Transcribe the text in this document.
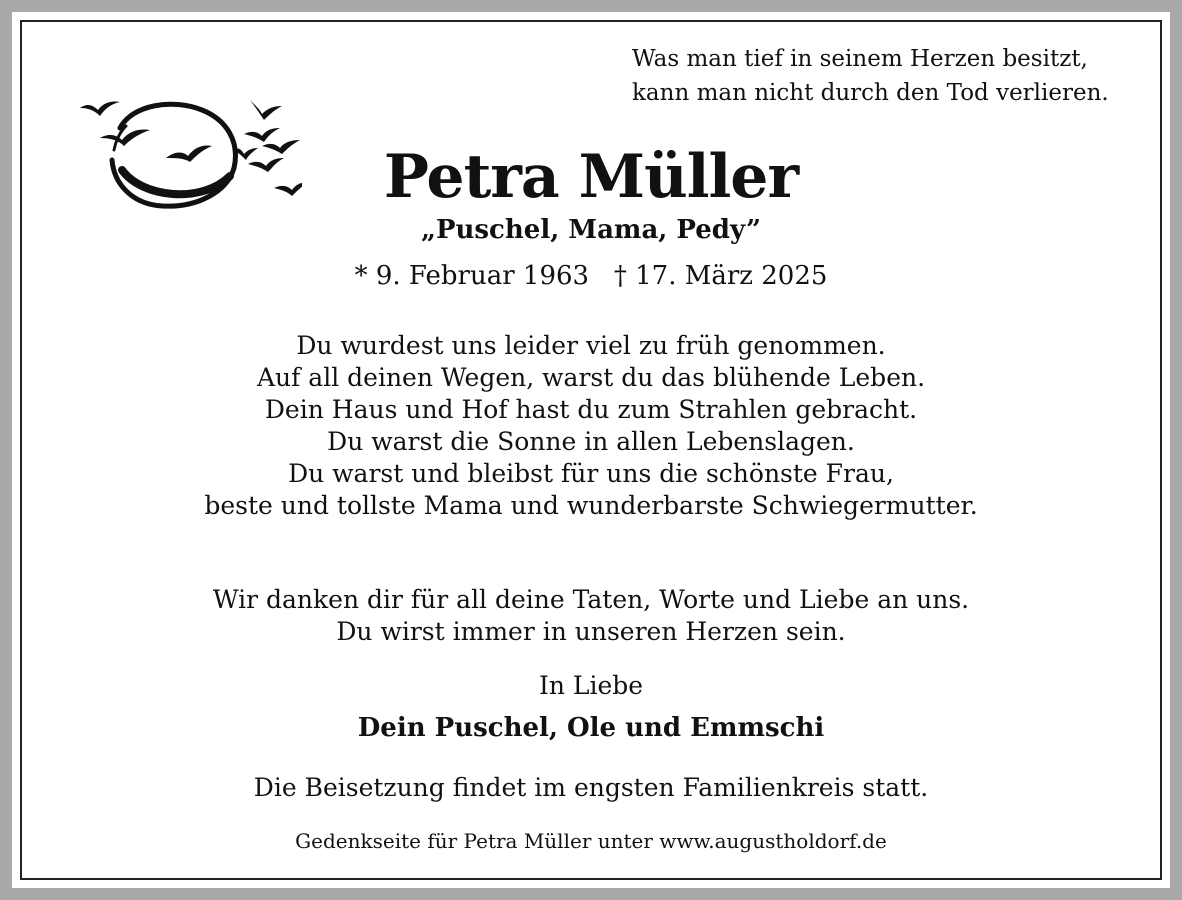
Was man tief in seinem Herzen besitzt,
kann man nicht durch den Tod verlieren.
Petra Müller
„Puschel, Mama, Pedy”
* 9. Februar 1963   † 17. März 2025
Du wurdest uns leider viel zu früh genommen.
Auf all deinen Wegen, warst du das blühende Leben.
Dein Haus und Hof hast du zum Strahlen gebracht.
Du warst die Sonne in allen Lebenslagen.
Du warst und bleibst für uns die schönste Frau,
beste und tollste Mama und wunderbarste Schwiegermutter.
Wir danken dir für all deine Taten, Worte und Liebe an uns.
Du wirst immer in unseren Herzen sein.
In Liebe
Dein Puschel, Ole und Emmschi
Die Beisetzung findet im engsten Familienkreis statt.
Gedenkseite für Petra Müller unter www.augustholdorf.de
